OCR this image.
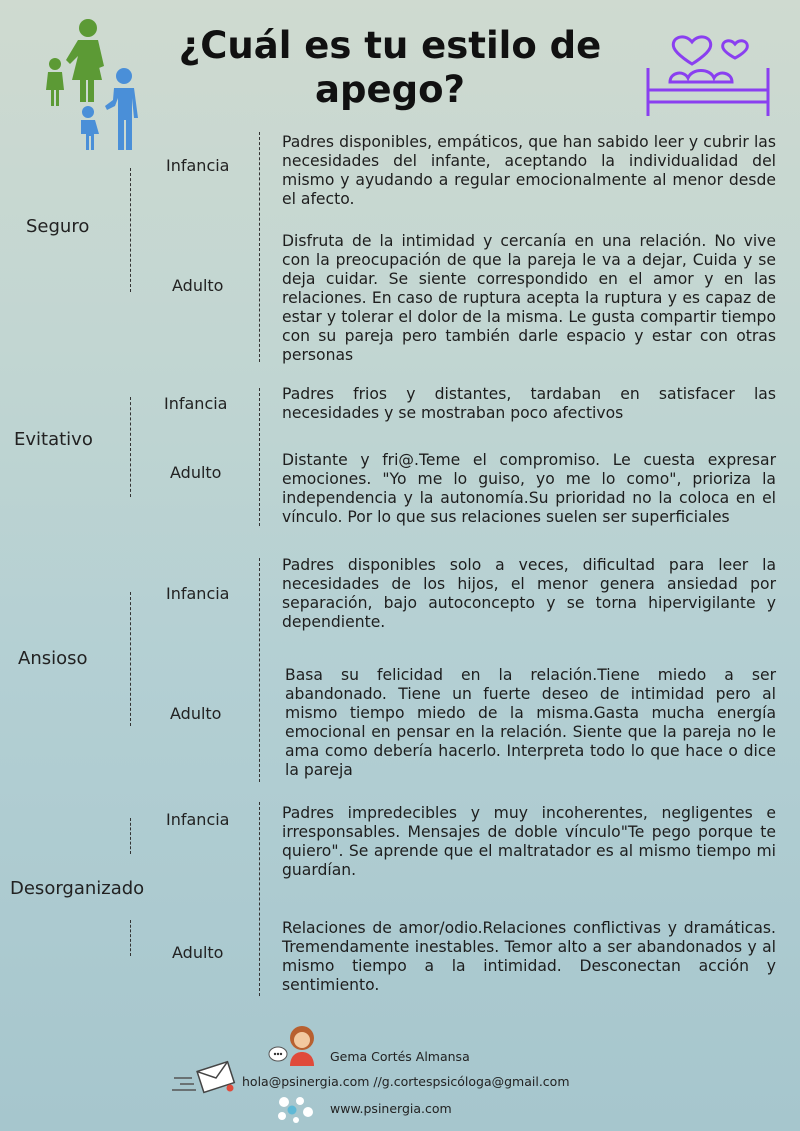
¿Cuál es tu estilo de apego?
Seguro
Infancia
Adulto
Padres disponibles, empáticos, que han sabido leer y cubrir las necesidades del infante, aceptando la individualidad del mismo y ayudando a regular emocionalmente al menor desde el afecto.
Disfruta de la intimidad y cercanía en una relación. No vive con la preocupación de que la pareja le va a dejar, Cuida y se deja cuidar. Se siente correspondido en el amor y en las relaciones. En caso de ruptura acepta la ruptura y es capaz de estar y tolerar el dolor de la misma. Le gusta compartir tiempo con su pareja pero también darle espacio y estar con otras personas
Evitativo
Infancia
Adulto
Padres frios y distantes, tardaban en satisfacer las necesidades y se mostraban poco afectivos
Distante y fri@.Teme el compromiso. Le cuesta expresar emociones. "Yo me lo guiso, yo me lo como", prioriza la independencia y la autonomía.Su prioridad no la coloca en el vínculo. Por lo que sus relaciones suelen ser superficiales
Ansioso
Infancia
Adulto
Padres disponibles solo a veces, dificultad para leer la necesidades de los hijos, el menor genera ansiedad por separación, bajo autoconcepto y se torna hipervigilante y dependiente.
Basa su felicidad en la relación.Tiene miedo a ser abandonado. Tiene un fuerte deseo de intimidad pero al mismo tiempo miedo de la misma.Gasta mucha energía emocional en pensar en la relación. Siente que la pareja no le ama como debería hacerlo. Interpreta todo lo que hace o dice la pareja
Desorganizado
Infancia
Adulto
Padres impredecibles y muy incoherentes, negligentes e irresponsables. Mensajes de doble vínculo"Te pego porque te quiero". Se aprende que el maltratador es al mismo tiempo mi guardían.
Relaciones de amor/odio.Relaciones conflictivas y dramáticas. Tremendamente inestables. Temor alto a ser abandonados y al mismo tiempo a la intimidad. Desconectan acción y sentimiento.
Gema Cortés Almansa
hola@psinergia.com //g.cortespsicóloga@gmail.com
www.psinergia.com
